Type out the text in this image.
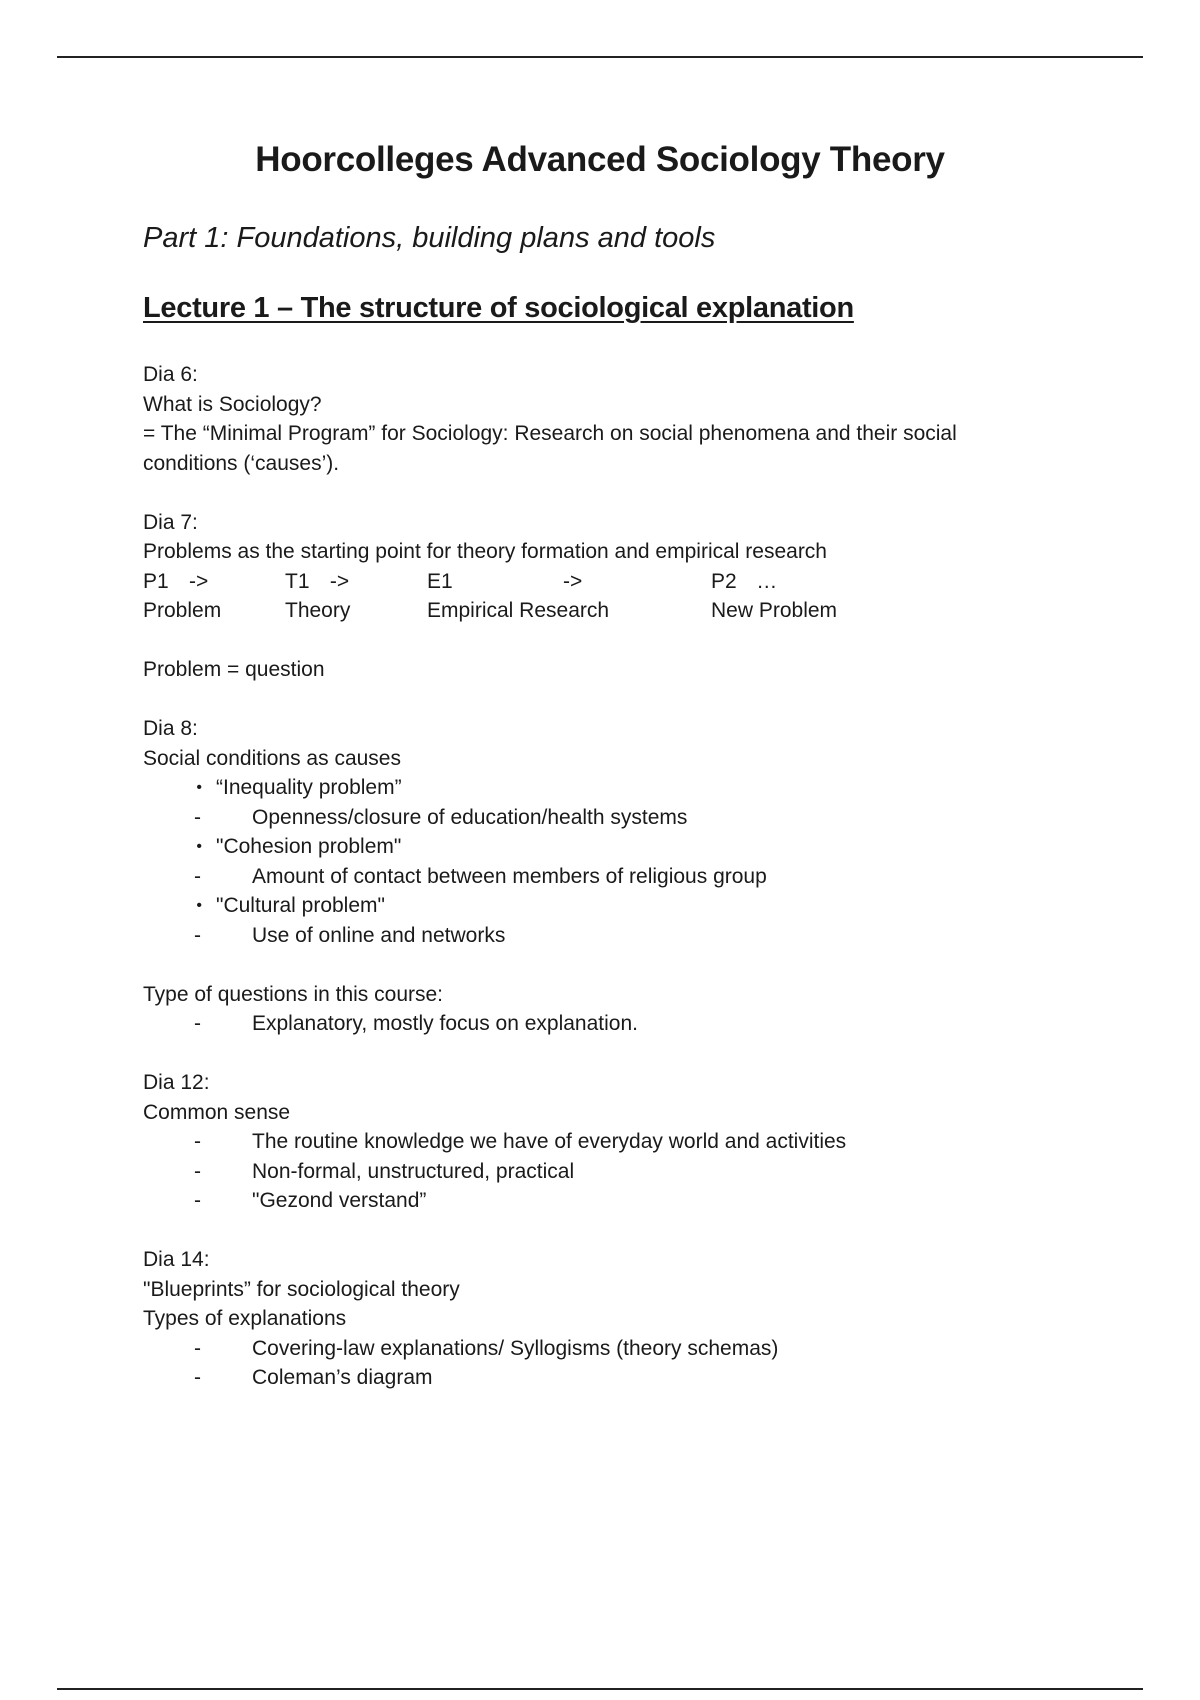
Hoorcolleges Advanced Sociology Theory
Part 1: Foundations, building plans and tools
Lecture 1 – The structure of sociological explanation
Dia 6:
What is Sociology?
= The “Minimal Program” for Sociology: Research on social phenomena and their social
conditions (‘causes’).
Dia 7:
Problems as the starting point for theory formation and empirical research
P1 ->	T1 ->	E1	->	P2 …
Problem	Theory	Empirical Research	New Problem
Problem = question
Dia 8:
Social conditions as causes
• “Inequality problem”
-	Openness/closure of education/health systems
• "Cohesion problem"
-	Amount of contact between members of religious group
• "Cultural problem"
-	Use of online and networks
Type of questions in this course:
-	Explanatory, mostly focus on explanation.
Dia 12:
Common sense
-	The routine knowledge we have of everyday world and activities
-	Non-formal, unstructured, practical
-	"Gezond verstand”
Dia 14:
"Blueprints” for sociological theory
Types of explanations
-	Covering-law explanations/ Syllogisms (theory schemas)
-	Coleman’s diagram
